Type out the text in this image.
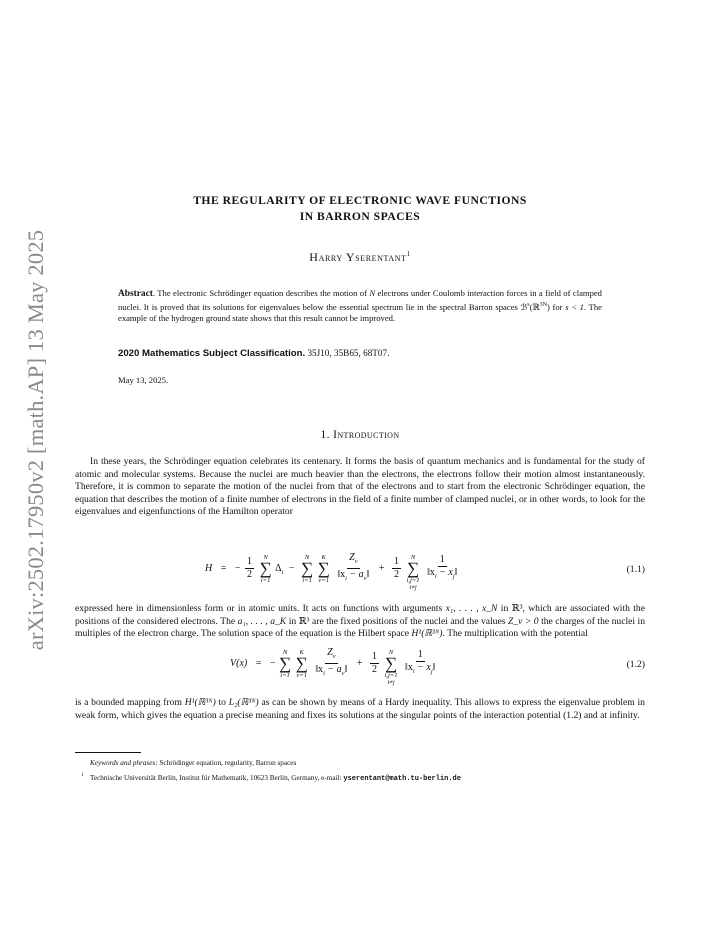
arXiv:2502.17950v2 [math.AP] 13 May 2025
THE REGULARITY OF ELECTRONIC WAVE FUNCTIONS
IN BARRON SPACES
Harry Yserentant$^1$
Abstract. The electronic Schrödinger equation describes the motion of N electrons under Coulomb interaction forces in a field of clamped nuclei. It is proved that its solutions for eigenvalues below the essential spectrum lie in the spectral Barron spaces ℬ$^s$(ℝ$^{3N}$) for s < 1. The example of the hydrogen ground state shows that this result cannot be improved.
2020 Mathematics Subject Classification. 35J10, 35B65, 68T07.
May 13, 2025.
1. Introduction
In these years, the Schrödinger equation celebrates its centenary. It forms the basis of quantum mechanics and is fundamental for the study of atomic and molecular systems. Because the nuclei are much heavier than the electrons, the electrons follow their motion almost instantaneously. Therefore, it is common to separate the motion of the nuclei from that of the electrons and to start from the electronic Schrödinger equation, the equation that describes the motion of a finite number of electrons in the field of a finite number of clamped nuclei, or in other words, to look for the eigenvalues and eigenfunctions of the Hamilton operator
H = − $\frac{1}{2}$
N
∑
i=1
$\Delta_i$ −
N
∑
i=1

K
∑
ν=1
$\frac{Z_\nu}{‖x_i - a_\nu‖} + \frac{1}{2}$
N
∑
i,j=1
i≠j

$\frac{1}{‖x_i - x_j‖}$	(1.1)
expressed here in dimensionless form or in atomic units. It acts on functions with arguments x₁, . . . , x_N in ℝ³, which are associated with the positions of the considered electrons. The a₁, . . . , a_K in ℝ³ are the fixed positions of the nuclei and the values Z_ν > 0 the charges of the nuclei in multiples of the electron charge. The solution space of the equation is the Hilbert space H¹(ℝ³ᴺ). The multiplication with the potential
V(x) = −
N
∑
i=1

K
∑
ν=1
$\frac{Z_\nu}{‖x_i - a_\nu‖} + \frac{1}{2}$
N
∑
i,j=1
i≠j

$\frac{1}{‖x_i - x_j‖}$	(1.2)
is a bounded mapping from H¹(ℝ³ᴺ) to L₂(ℝ³ᴺ) as can be shown by means of a Hardy inequality. This allows to express the eigenvalue problem in weak form, which gives the equation a precise meaning and fixes its solutions at the singular points of the interaction potential (1.2) and at infinity.
Keywords and phrases: Schrödinger equation, regularity, Barron spaces
1 Technische Universität Berlin, Institut für Mathematik, 10623 Berlin, Germany, e-mail: yserentant@math.tu-berlin.de
